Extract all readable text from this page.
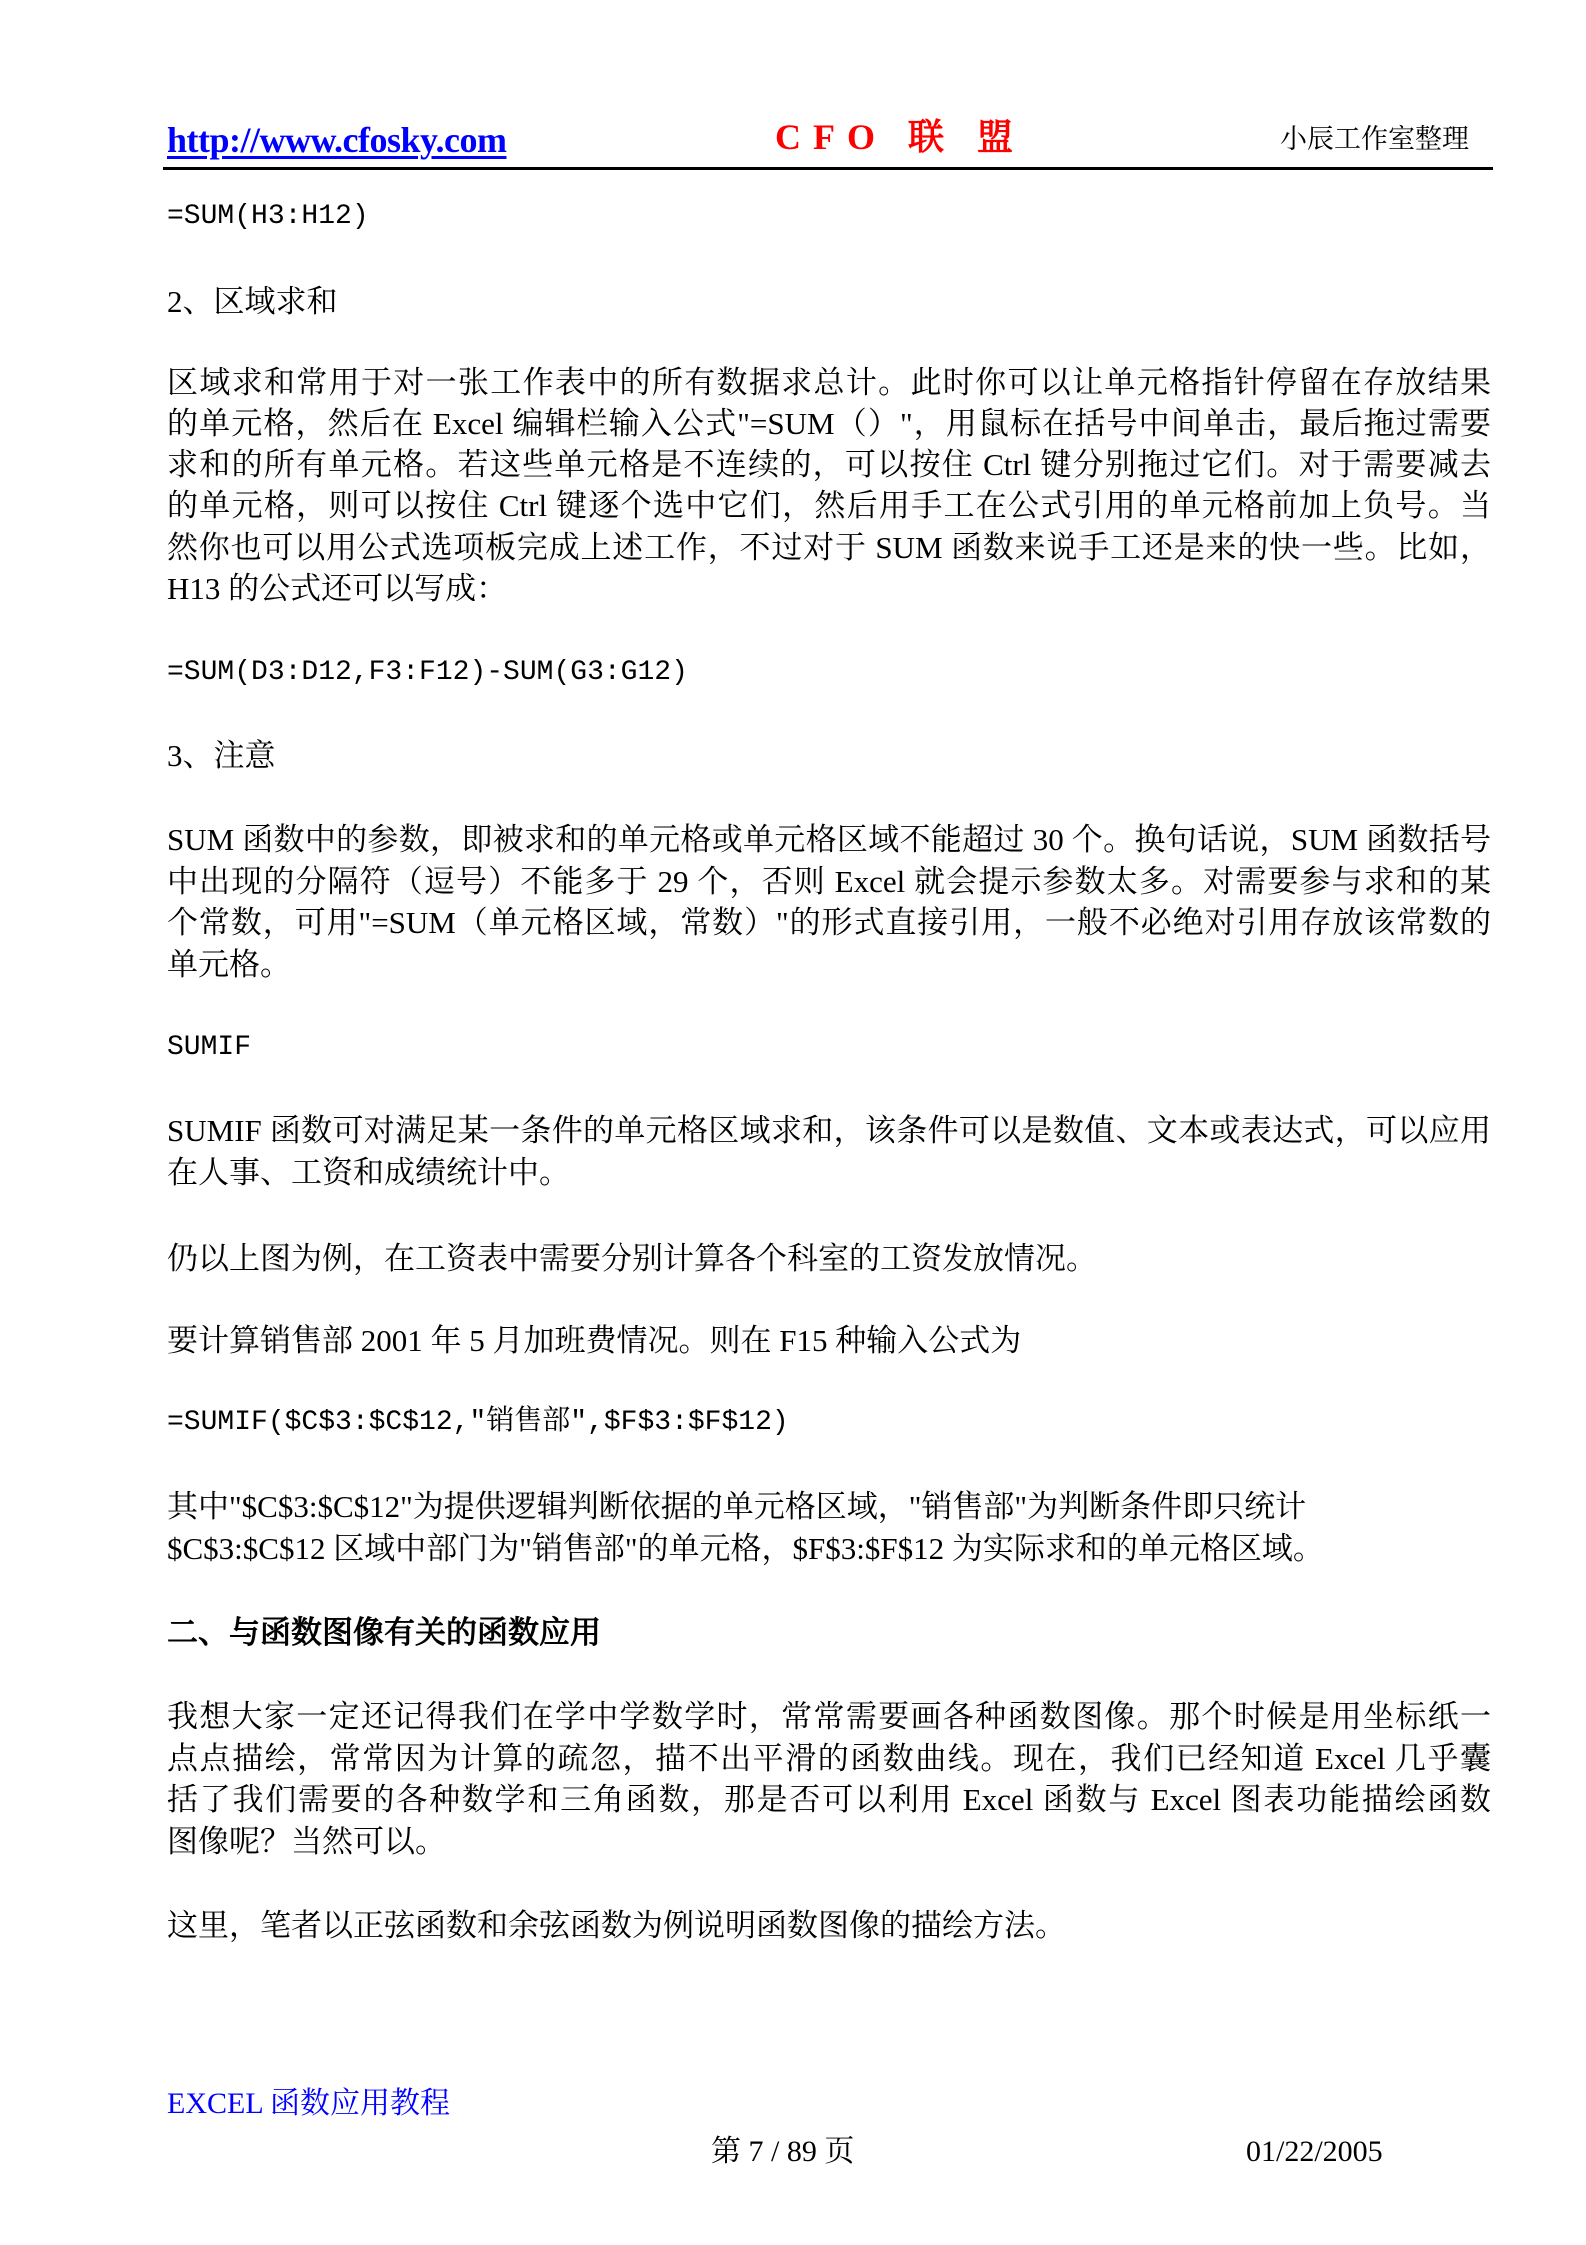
http://www.cfosky.com	CFO 联 盟	小辰工作室整理
=SUM(H3:H12)
2、区域求和
区域求和常用于对一张工作表中的所有数据求总计。此时你可以让单元格指针停留在存放结果
的单元格，然后在 Excel 编辑栏输入公式"=SUM（）"，用鼠标在括号中间单击，最后拖过需要
求和的所有单元格。若这些单元格是不连续的，可以按住 Ctrl 键分别拖过它们。对于需要减去
的单元格，则可以按住 Ctrl 键逐个选中它们，然后用手工在公式引用的单元格前加上负号。当
然你也可以用公式选项板完成上述工作，不过对于 SUM 函数来说手工还是来的快一些。比如，
H13 的公式还可以写成：
=SUM(D3:D12,F3:F12)-SUM(G3:G12)
3、注意
SUM 函数中的参数，即被求和的单元格或单元格区域不能超过 30 个。换句话说，SUM 函数括号
中出现的分隔符（逗号）不能多于 29 个，否则 Excel 就会提示参数太多。对需要参与求和的某
个常数，可用"=SUM（单元格区域，常数）"的形式直接引用，一般不必绝对引用存放该常数的
单元格。
SUMIF
SUMIF 函数可对满足某一条件的单元格区域求和，该条件可以是数值、文本或表达式，可以应用
在人事、工资和成绩统计中。
仍以上图为例，在工资表中需要分别计算各个科室的工资发放情况。
要计算销售部 2001 年 5 月加班费情况。则在 F15 种输入公式为
=SUMIF($C$3:$C$12,"销售部",$F$3:$F$12)
其中"$C$3:$C$12"为提供逻辑判断依据的单元格区域，"销售部"为判断条件即只统计
$C$3:$C$12 区域中部门为"销售部"的单元格，$F$3:$F$12 为实际求和的单元格区域。
二、与函数图像有关的函数应用
我想大家一定还记得我们在学中学数学时，常常需要画各种函数图像。那个时候是用坐标纸一
点点描绘，常常因为计算的疏忽，描不出平滑的函数曲线。现在，我们已经知道 Excel 几乎囊
括了我们需要的各种数学和三角函数，那是否可以利用 Excel 函数与 Excel 图表功能描绘函数
图像呢？当然可以。
这里，笔者以正弦函数和余弦函数为例说明函数图像的描绘方法。
EXCEL 函数应用教程
第 7 / 89 页	01/22/2005
